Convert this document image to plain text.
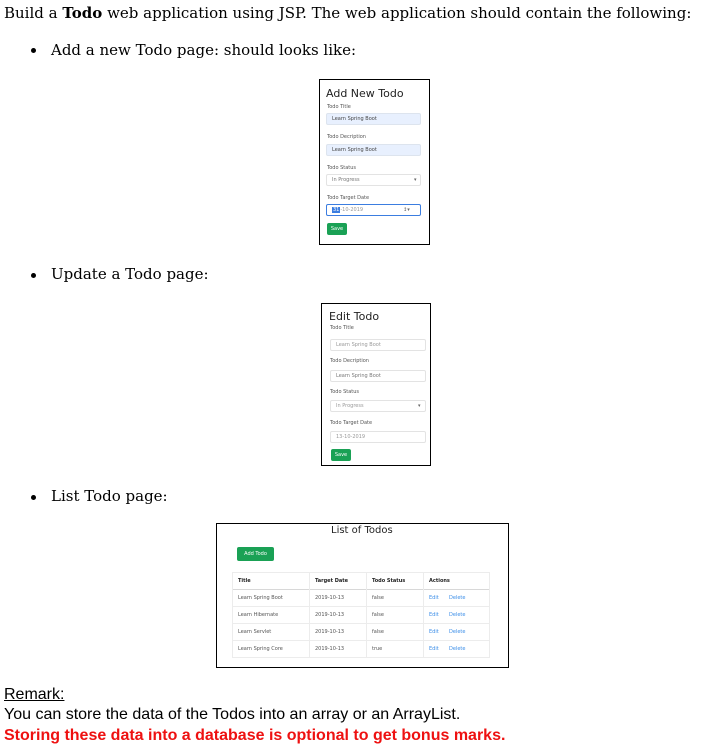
Build a Todo web application using JSP. The web application should contain the following:
Add a new Todo page: should looks like:
Add New Todo
Todo Title
Learn Spring Boot
Todo Decription
Learn Spring Boot
Todo Status
In Progress	▾
Todo Target Date
31-10-2019	↕▾
Save
Update a Todo page:
Edit Todo
Todo Title
Learn Spring Boot
Todo Decription
Learn Spring Boot
Todo Status
In Progress	▾
Todo Target Date
13-10-2019
Save
List Todo page:
List of Todos
Add Todo
Title	Target Date	Todo Status	Actions
Learn Spring Boot	2019-10-13	false	Edit Delete
Learn Hibernate	2019-10-13	false	Edit Delete
Learn Servlet	2019-10-13	false	Edit Delete
Learn Spring Core	2019-10-13	true	Edit Delete
Remark:
You can store the data of the Todos into an array or an ArrayList.
Storing these data into a database is optional to get bonus marks.
